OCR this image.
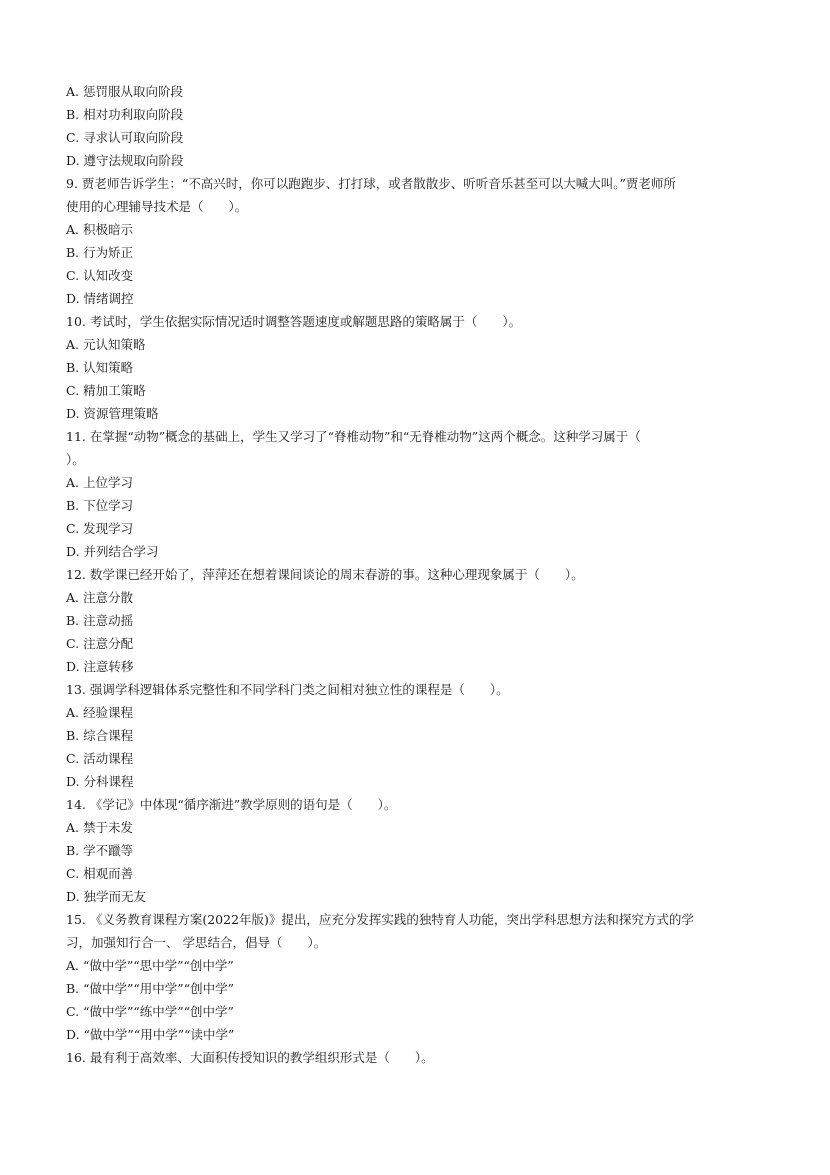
A. 惩罚服从取向阶段
B. 相对功利取向阶段
C. 寻求认可取向阶段
D. 遵守法规取向阶段
9. 贾老师告诉学生：“不高兴时，你可以跑跑步、打打球，或者散散步、听听音乐甚至可以大喊大叫。”贾老师所
使用的心理辅导技术是（　　）。
A. 积极暗示
B. 行为矫正
C. 认知改变
D. 情绪调控
10. 考试时，学生依据实际情况适时调整答题速度或解题思路的策略属于（　　）。
A. 元认知策略
B. 认知策略
C. 精加工策略
D. 资源管理策略
11. 在掌握“动物”概念的基础上，学生又学习了“脊椎动物”和“无脊椎动物”这两个概念。这种学习属于（
）。
A. 上位学习
B. 下位学习
C. 发现学习
D. 并列结合学习
12. 数学课已经开始了，萍萍还在想着课间谈论的周末春游的事。这种心理现象属于（　　）。
A. 注意分散
B. 注意动摇
C. 注意分配
D. 注意转移
13. 强调学科逻辑体系完整性和不同学科门类之间相对独立性的课程是（　　）。
A. 经验课程
B. 综合课程
C. 活动课程
D. 分科课程
14. 《学记》中体现“循序渐进”教学原则的语句是（　　）。
A. 禁于未发
B. 学不躐等
C. 相观而善
D. 独学而无友
15. 《义务教育课程方案(2022年版)》提出，应充分发挥实践的独特育人功能，突出学科思想方法和探究方式的学
习，加强知行合一、 学思结合，倡导（　　）。
A. “做中学”“思中学”“创中学”
B. “做中学”“用中学”“创中学”
C. “做中学”“练中学”“创中学”
D. “做中学”“用中学”“读中学”
16. 最有利于高效率、大面积传授知识的教学组织形式是（　　）。
